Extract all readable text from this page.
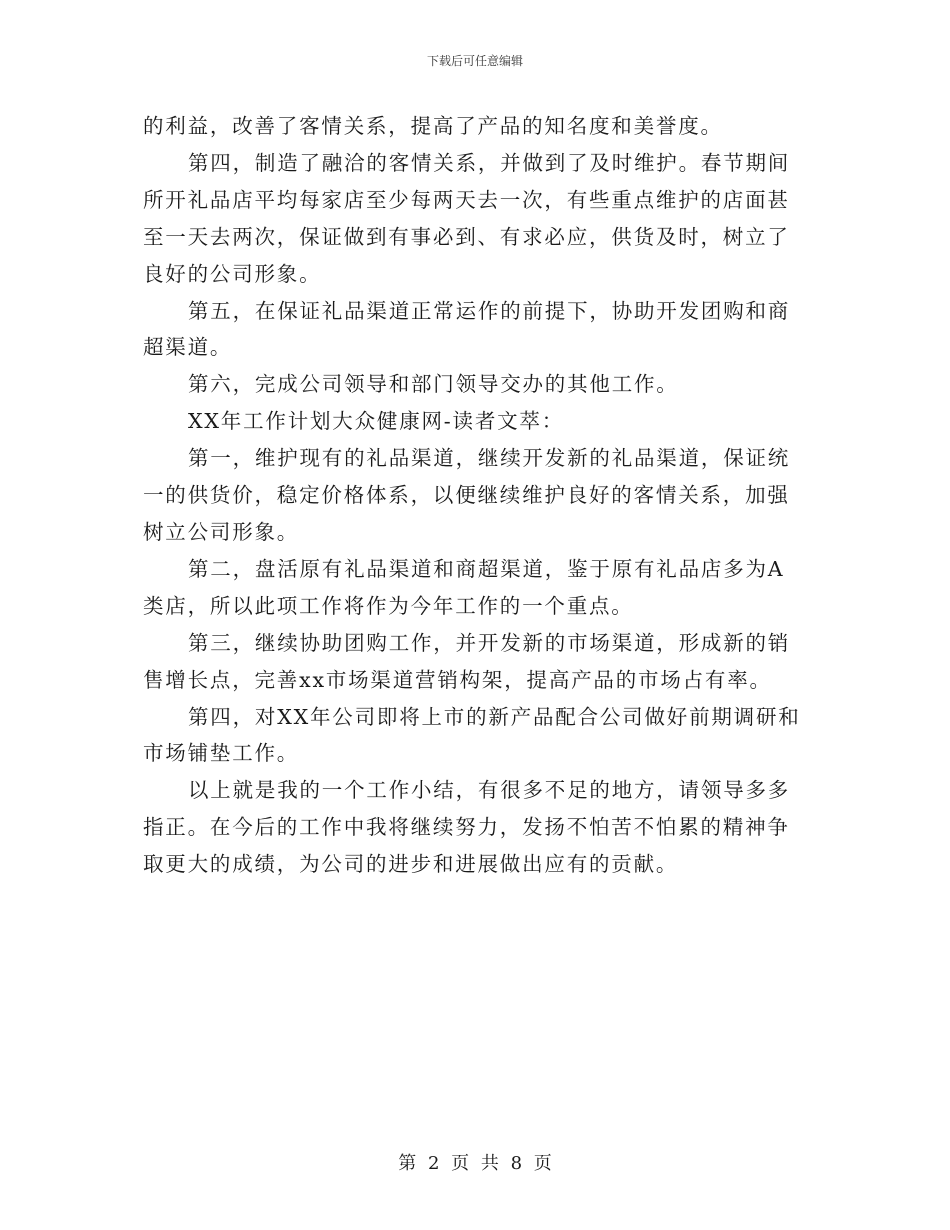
下载后可任意编辑

的利益，改善了客情关系，提高了产品的知名度和美誉度。

第四，制造了融洽的客情关系，并做到了及时维护。春节期间所开礼品店平均每家店至少每两天去一次，有些重点维护的店面甚至一天去两次，保证做到有事必到、有求必应，供货及时，树立了良好的公司形象。

第五，在保证礼品渠道正常运作的前提下，协助开发团购和商超渠道。

第六，完成公司领导和部门领导交办的其他工作。

XX年工作计划大众健康网-读者文萃：

第一，维护现有的礼品渠道，继续开发新的礼品渠道，保证统一的供货价，稳定价格体系，以便继续维护良好的客情关系，加强树立公司形象。

第二，盘活原有礼品渠道和商超渠道，鉴于原有礼品店多为A类店，所以此项工作将作为今年工作的一个重点。

第三，继续协助团购工作，并开发新的市场渠道，形成新的销售增长点，完善xx市场渠道营销构架，提高产品的市场占有率。

第四，对XX年公司即将上市的新产品配合公司做好前期调研和市场铺垫工作。

以上就是我的一个工作小结，有很多不足的地方，请领导多多指正。在今后的工作中我将继续努力，发扬不怕苦不怕累的精神争取更大的成绩，为公司的进步和进展做出应有的贡献。

第 2 页 共 8 页
